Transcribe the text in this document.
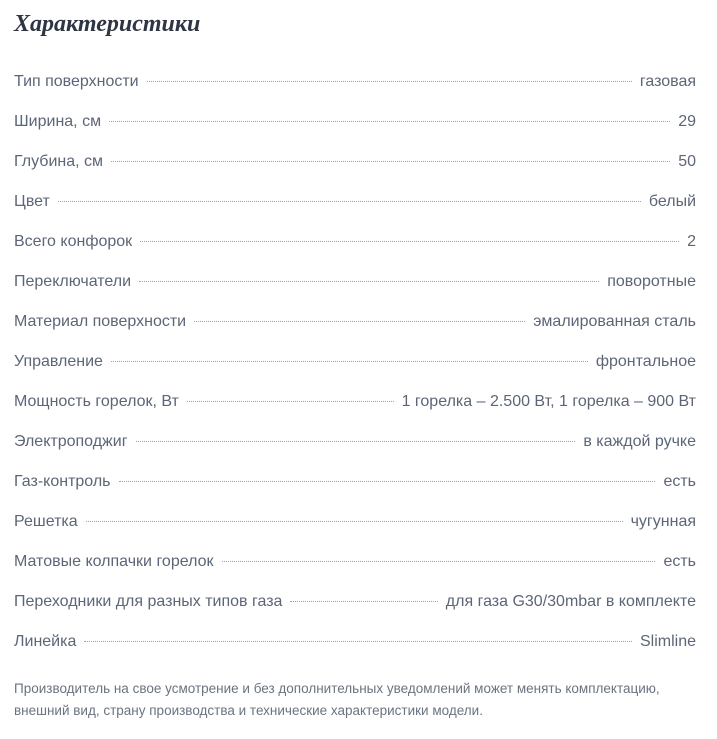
Характеристики
Тип поверхности	газовая
Ширина, см	29
Глубина, см	50
Цвет	белый
Всего конфорок	2
Переключатели	поворотные
Материал поверхности	эмалированная сталь
Управление	фронтальное
Мощность горелок, Вт	1 горелка – 2.500 Вт, 1 горелка – 900 Вт
Электроподжиг	в каждой ручке
Газ-контроль	есть
Решетка	чугунная
Матовые колпачки горелок	есть
Переходники для разных типов газа	для газа G30/30mbar в комплекте
Линейка	Slimline

Производитель на свое усмотрение и без дополнительных уведомлений может менять комплектацию, внешний вид, страну производства и технические характеристики модели.
